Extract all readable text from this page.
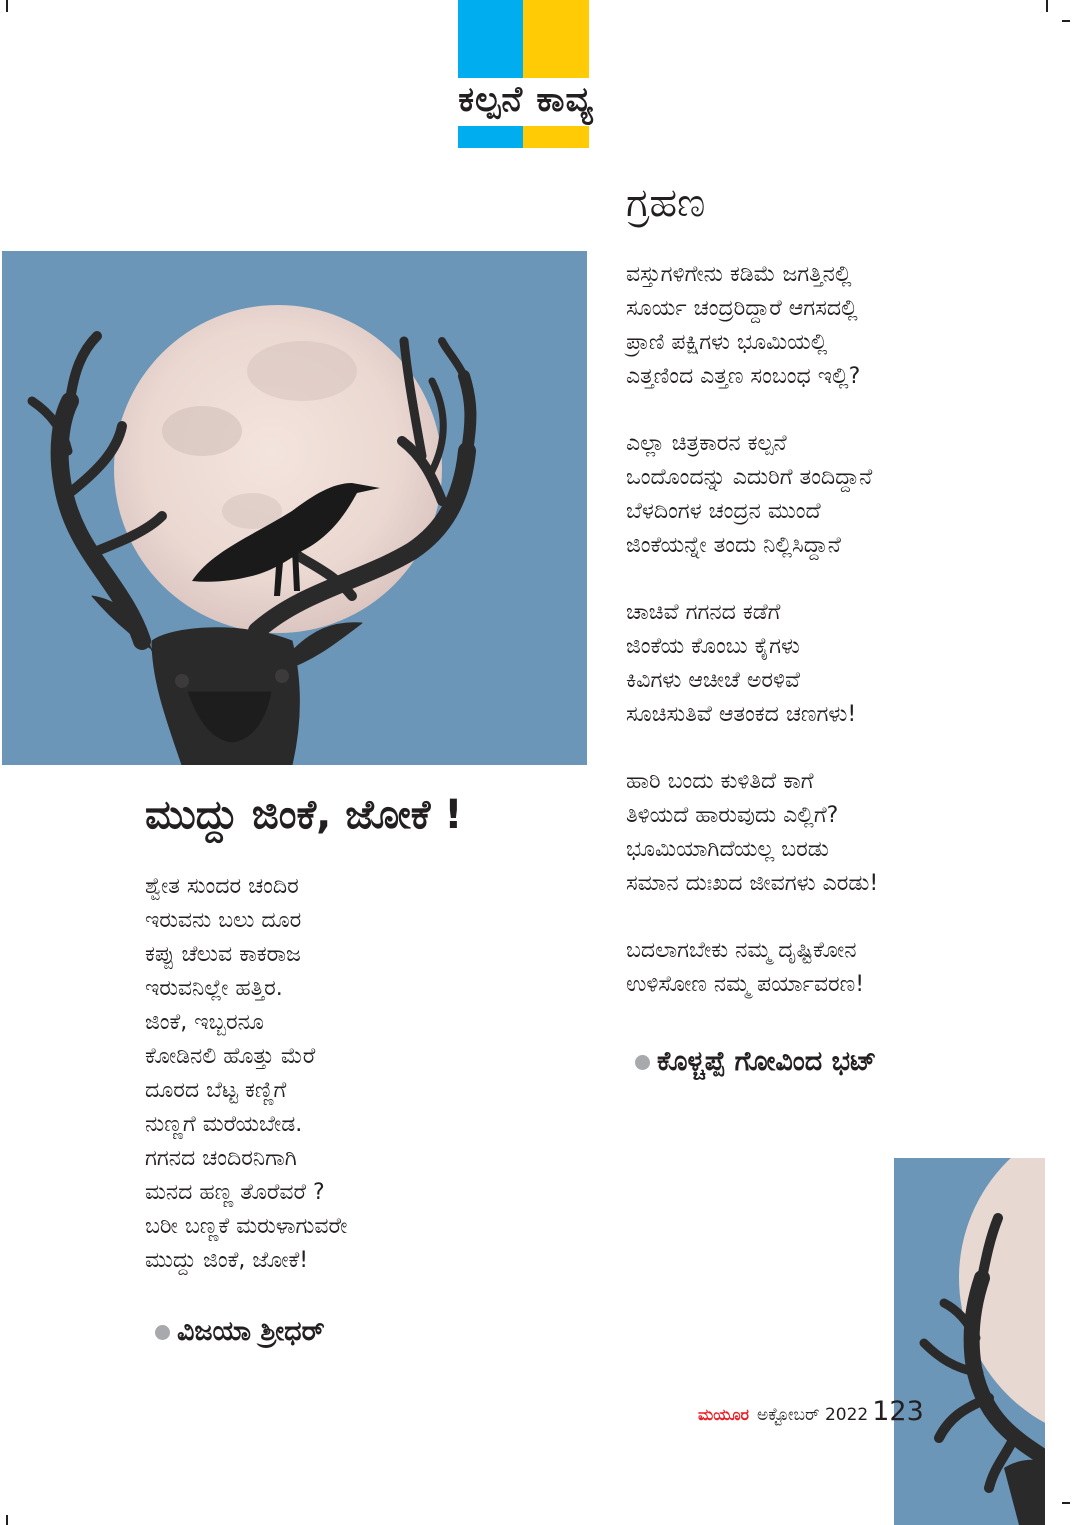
ಕಲ್ಪನೆ ಕಾವ್ಯ
ಗ್ರಹಣ
ವಸ್ತುಗಳಿಗೇನು ಕಡಿಮೆ ಜಗತ್ತಿನಲ್ಲಿ
ಸೂರ್ಯ ಚಂದ್ರರಿದ್ದಾರೆ ಆಗಸದಲ್ಲಿ
ಪ್ರಾಣಿ ಪಕ್ಷಿಗಳು ಭೂಮಿಯಲ್ಲಿ
ಎತ್ತಣಿಂದ ಎತ್ತಣ ಸಂಬಂಧ ಇಲ್ಲಿ?
ಎಲ್ಲಾ ಚಿತ್ರಕಾರನ ಕಲ್ಪನೆ
ಒಂದೊಂದನ್ನು ಎದುರಿಗೆ ತಂದಿದ್ದಾನೆ
ಬೆಳದಿಂಗಳ ಚಂದ್ರನ ಮುಂದೆ
ಜಿಂಕೆಯನ್ನೇ ತಂದು ನಿಲ್ಲಿಸಿದ್ದಾನೆ
ಚಾಚಿವೆ ಗಗನದ ಕಡೆಗೆ
ಜಿಂಕೆಯ ಕೊಂಬು ಕೈಗಳು
ಕಿವಿಗಳು ಆಚೀಚೆ ಅರಳಿವೆ
ಸೂಚಿಸುತಿವೆ ಆತಂಕದ ಚಣಗಳು!
ಹಾರಿ ಬಂದು ಕುಳಿತಿದೆ ಕಾಗೆ
ತಿಳಿಯದೆ ಹಾರುವುದು ಎಲ್ಲಿಗೆ?
ಭೂಮಿಯಾಗಿದೆಯಲ್ಲ ಬರಡು
ಸಮಾನ ದುಃಖದ ಜೀವಗಳು ಎರಡು!
ಬದಲಾಗಬೇಕು ನಮ್ಮ ದೃಷ್ಟಿಕೋನ
ಉಳಿಸೋಣ ನಮ್ಮ ಪರ್ಯಾವರಣ!
ಕೊಳ್ಚಪ್ಪೆ ಗೋವಿಂದ ಭಟ್
ಮುದ್ದು ಜಿಂಕೆ, ಜೋಕೆ !
ಶ್ವೇತ ಸುಂದರ ಚಂದಿರ
ಇರುವನು ಬಲು ದೂರ
ಕಪ್ಪು ಚೆಲುವ ಕಾಕರಾಜ
ಇರುವನಿಲ್ಲೇ ಹತ್ತಿರ.
ಜಿಂಕೆ, ಇಬ್ಬರನೂ
ಕೋಡಿನಲಿ ಹೊತ್ತು ಮೆರೆ
ದೂರದ ಬೆಟ್ಟ ಕಣ್ಣಿಗೆ
ನುಣ್ಣಗೆ ಮರೆಯಬೇಡ.
ಗಗನದ ಚಂದಿರನಿಗಾಗಿ
ಮನದ ಹಣ್ಣ ತೊರೆವರೆ ?
ಬರೀ ಬಣ್ಣಕೆ ಮರುಳಾಗುವರೇ
ಮುದ್ದು ಜಿಂಕೆ, ಜೋಕೆ!
ವಿಜಯಾ ಶ್ರೀಧರ್
ಮಯೂರ ಅಕ್ಟೋಬರ್ 2022 123
